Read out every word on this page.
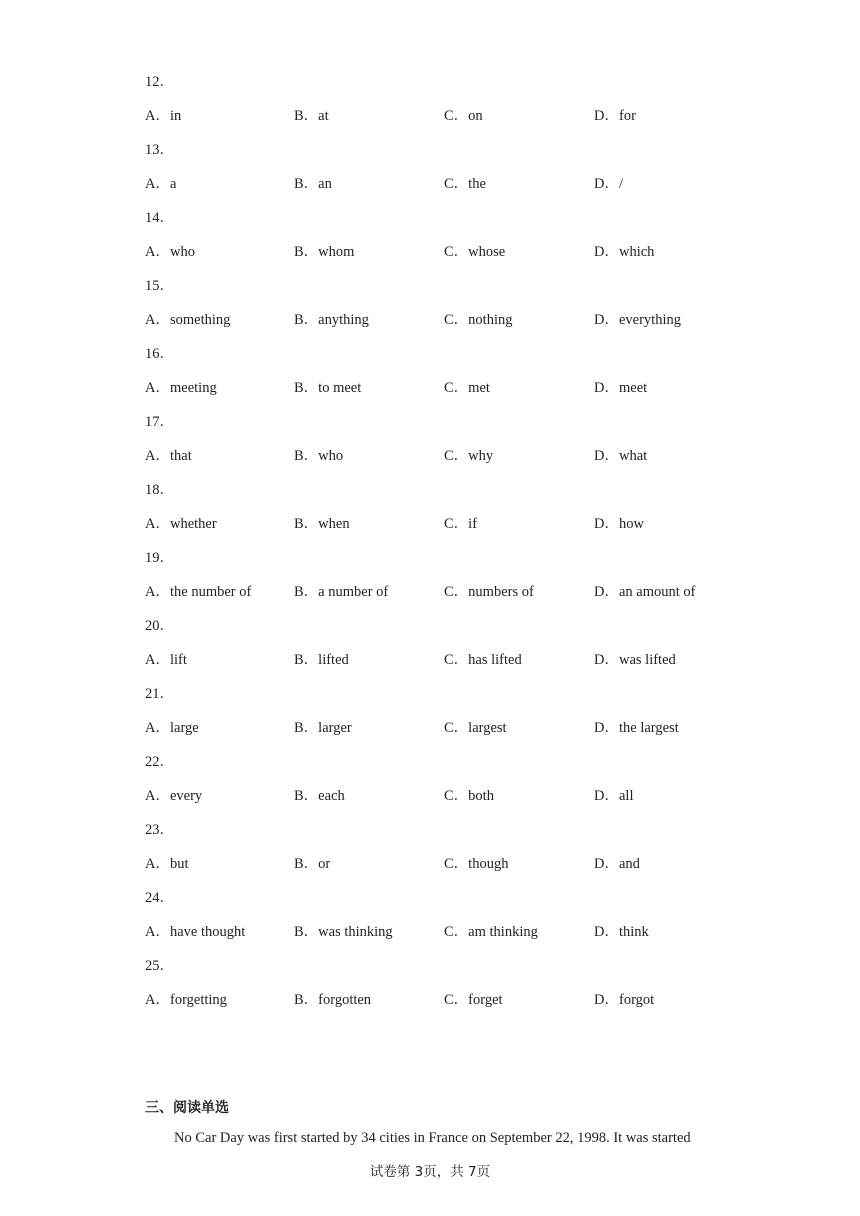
12．
A．in	B．at	C．on	D．for
13．
A．a	B．an	C．the	D．/
14．
A．who	B．whom	C．whose	D．which
15．
A．something	B．anything	C．nothing	D．everything
16．
A．meeting	B．to meet	C．met	D．meet
17．
A．that	B．who	C．why	D．what
18．
A．whether	B．when	C．if	D．how
19．
A．the number of	B．a number of	C．numbers of	D．an amount of
20．
A．lift	B．lifted	C．has lifted	D．was lifted
21．
A．large	B．larger	C．largest	D．the largest
22．
A．every	B．each	C．both	D．all
23．
A．but	B．or	C．though	D．and
24．
A．have thought	B．was thinking	C．am thinking	D．think
25．
A．forgetting	B．forgotten	C．forget	D．forgot
三、阅读单选
No Car Day was first started by 34 cities in France on September 22, 1998. It was started
试卷第 3页，共 7页
